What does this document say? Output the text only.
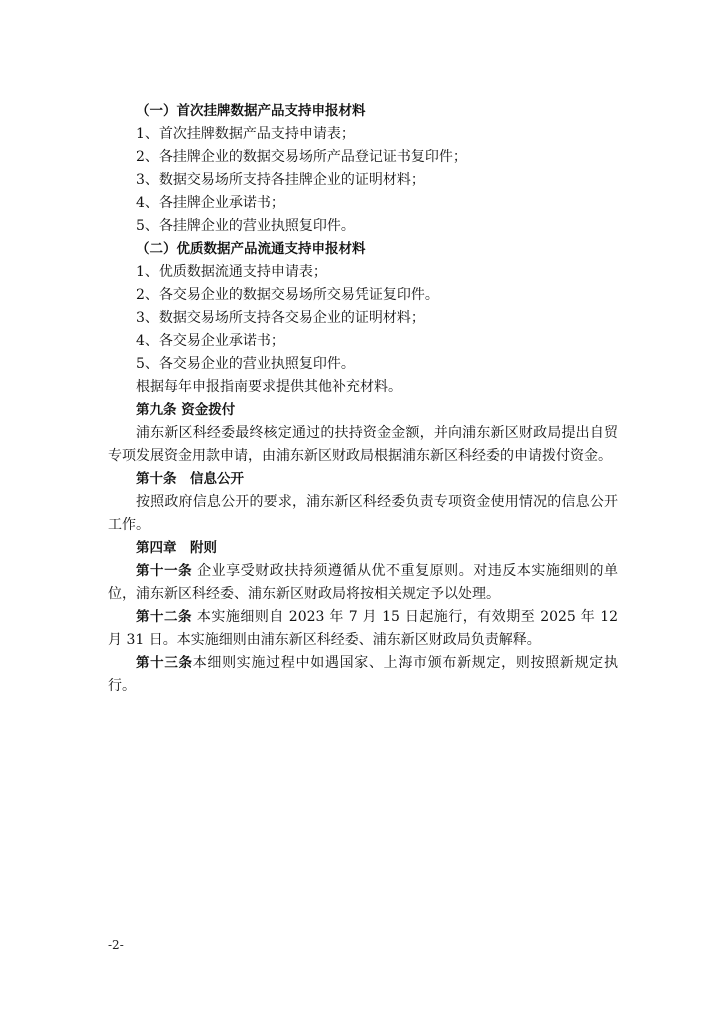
（一）首次挂牌数据产品支持申报材料
1、首次挂牌数据产品支持申请表；
2、各挂牌企业的数据交易场所产品登记证书复印件；
3、数据交易场所支持各挂牌企业的证明材料；
4、各挂牌企业承诺书；
5、各挂牌企业的营业执照复印件。
（二）优质数据产品流通支持申报材料
1、优质数据流通支持申请表；
2、各交易企业的数据交易场所交易凭证复印件。
3、数据交易场所支持各交易企业的证明材料；
4、各交易企业承诺书；
5、各交易企业的营业执照复印件。
根据每年申报指南要求提供其他补充材料。
第九条 资金拨付

浦东新区科经委最终核定通过的扶持资金金额，并向浦东新区财政局提出自贸专项发展资金用款申请，由浦东新区财政局根据浦东新区科经委的申请拨付资金。

第十条　信息公开

按照政府信息公开的要求，浦东新区科经委负责专项资金使用情况的信息公开工作。

第四章　附则

第十一条 企业享受财政扶持须遵循从优不重复原则。对违反本实施细则的单位，浦东新区科经委、浦东新区财政局将按相关规定予以处理。

第十二条 本实施细则自 2023 年 7 月 15 日起施行，有效期至 2025 年 12 月 31 日。本实施细则由浦东新区科经委、浦东新区财政局负责解释。

第十三条本细则实施过程中如遇国家、上海市颁布新规定，则按照新规定执行。

-2-
